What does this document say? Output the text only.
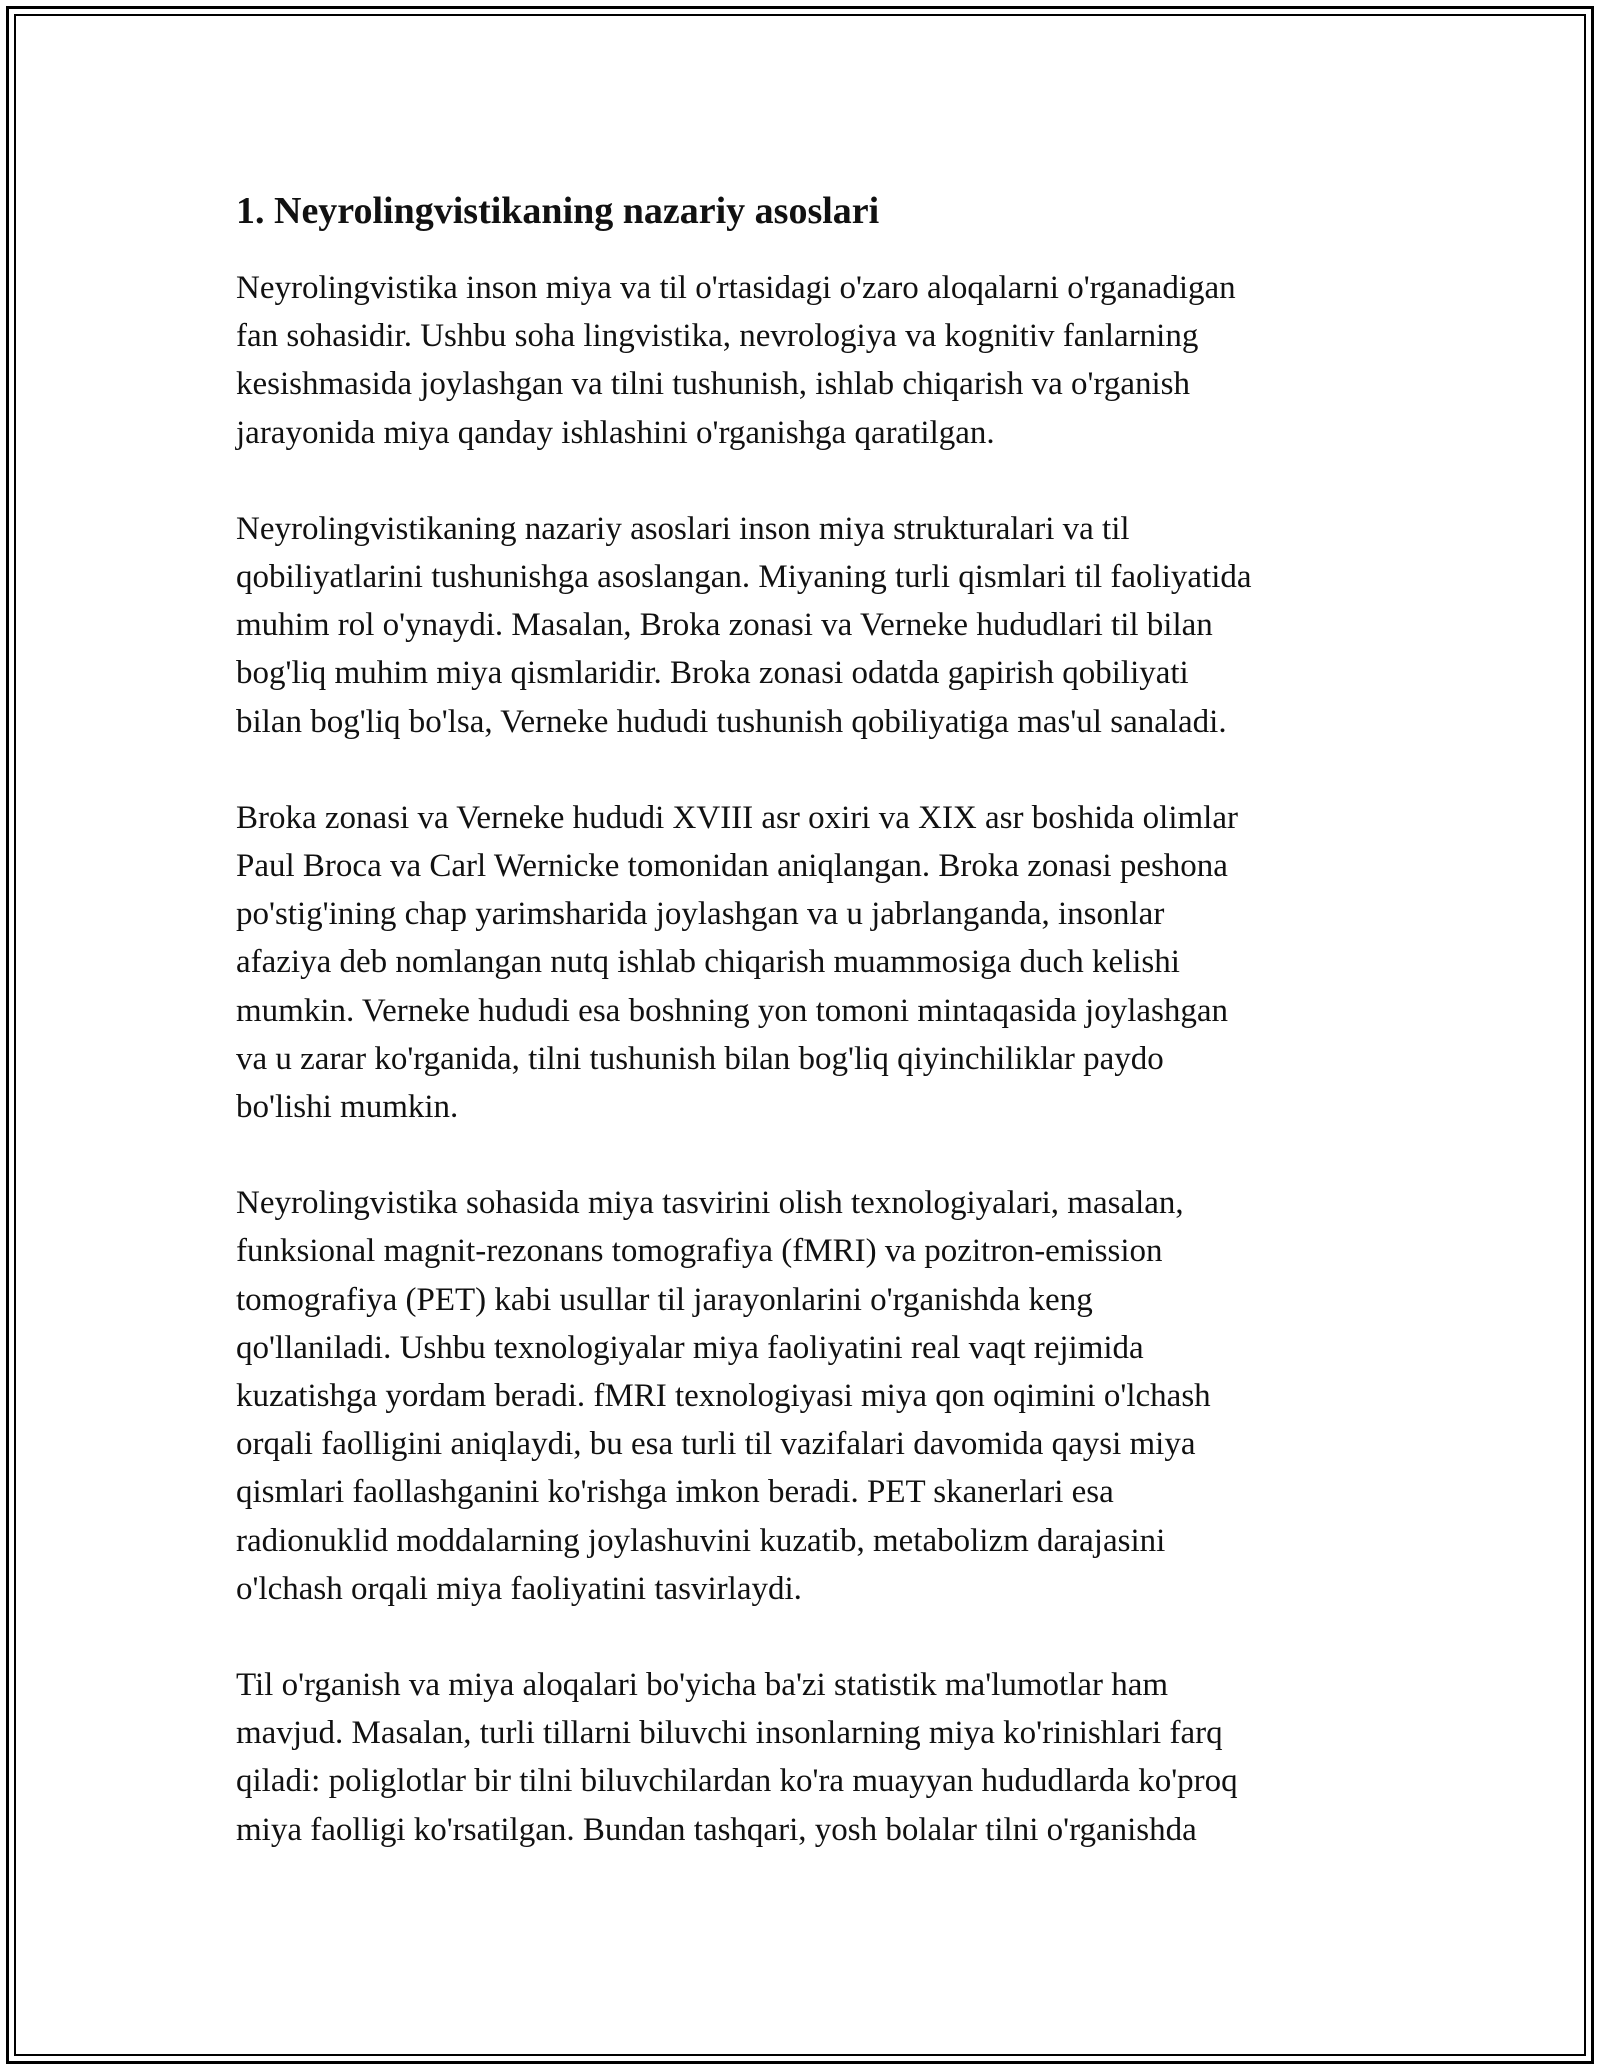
1. Neyrolingvistikaning nazariy asoslari

Neyrolingvistika inson miya va til o'rtasidagi o'zaro aloqalarni o'rganadigan
fan sohasidir. Ushbu soha lingvistika, nevrologiya va kognitiv fanlarning
kesishmasida joylashgan va tilni tushunish, ishlab chiqarish va o'rganish
jarayonida miya qanday ishlashini o'rganishga qaratilgan.

Neyrolingvistikaning nazariy asoslari inson miya strukturalari va til
qobiliyatlarini tushunishga asoslangan. Miyaning turli qismlari til faoliyatida
muhim rol o'ynaydi. Masalan, Broka zonasi va Verneke hududlari til bilan
bog'liq muhim miya qismlaridir. Broka zonasi odatda gapirish qobiliyati
bilan bog'liq bo'lsa, Verneke hududi tushunish qobiliyatiga mas'ul sanaladi.

Broka zonasi va Verneke hududi XVIII asr oxiri va XIX asr boshida olimlar
Paul Broca va Carl Wernicke tomonidan aniqlangan. Broka zonasi peshona
po'stig'ining chap yarimsharida joylashgan va u jabrlanganda, insonlar
afaziya deb nomlangan nutq ishlab chiqarish muammosiga duch kelishi
mumkin. Verneke hududi esa boshning yon tomoni mintaqasida joylashgan
va u zarar ko'rganida, tilni tushunish bilan bog'liq qiyinchiliklar paydo
bo'lishi mumkin.

Neyrolingvistika sohasida miya tasvirini olish texnologiyalari, masalan,
funksional magnit-rezonans tomografiya (fMRI) va pozitron-emission
tomografiya (PET) kabi usullar til jarayonlarini o'rganishda keng
qo'llaniladi. Ushbu texnologiyalar miya faoliyatini real vaqt rejimida
kuzatishga yordam beradi. fMRI texnologiyasi miya qon oqimini o'lchash
orqali faolligini aniqlaydi, bu esa turli til vazifalari davomida qaysi miya
qismlari faollashganini ko'rishga imkon beradi. PET skanerlari esa
radionuklid moddalarning joylashuvini kuzatib, metabolizm darajasini
o'lchash orqali miya faoliyatini tasvirlaydi.

Til o'rganish va miya aloqalari bo'yicha ba'zi statistik ma'lumotlar ham
mavjud. Masalan, turli tillarni biluvchi insonlarning miya ko'rinishlari farq
qiladi: poliglotlar bir tilni biluvchilardan ko'ra muayyan hududlarda ko'proq
miya faolligi ko'rsatilgan. Bundan tashqari, yosh bolalar tilni o'rganishda
